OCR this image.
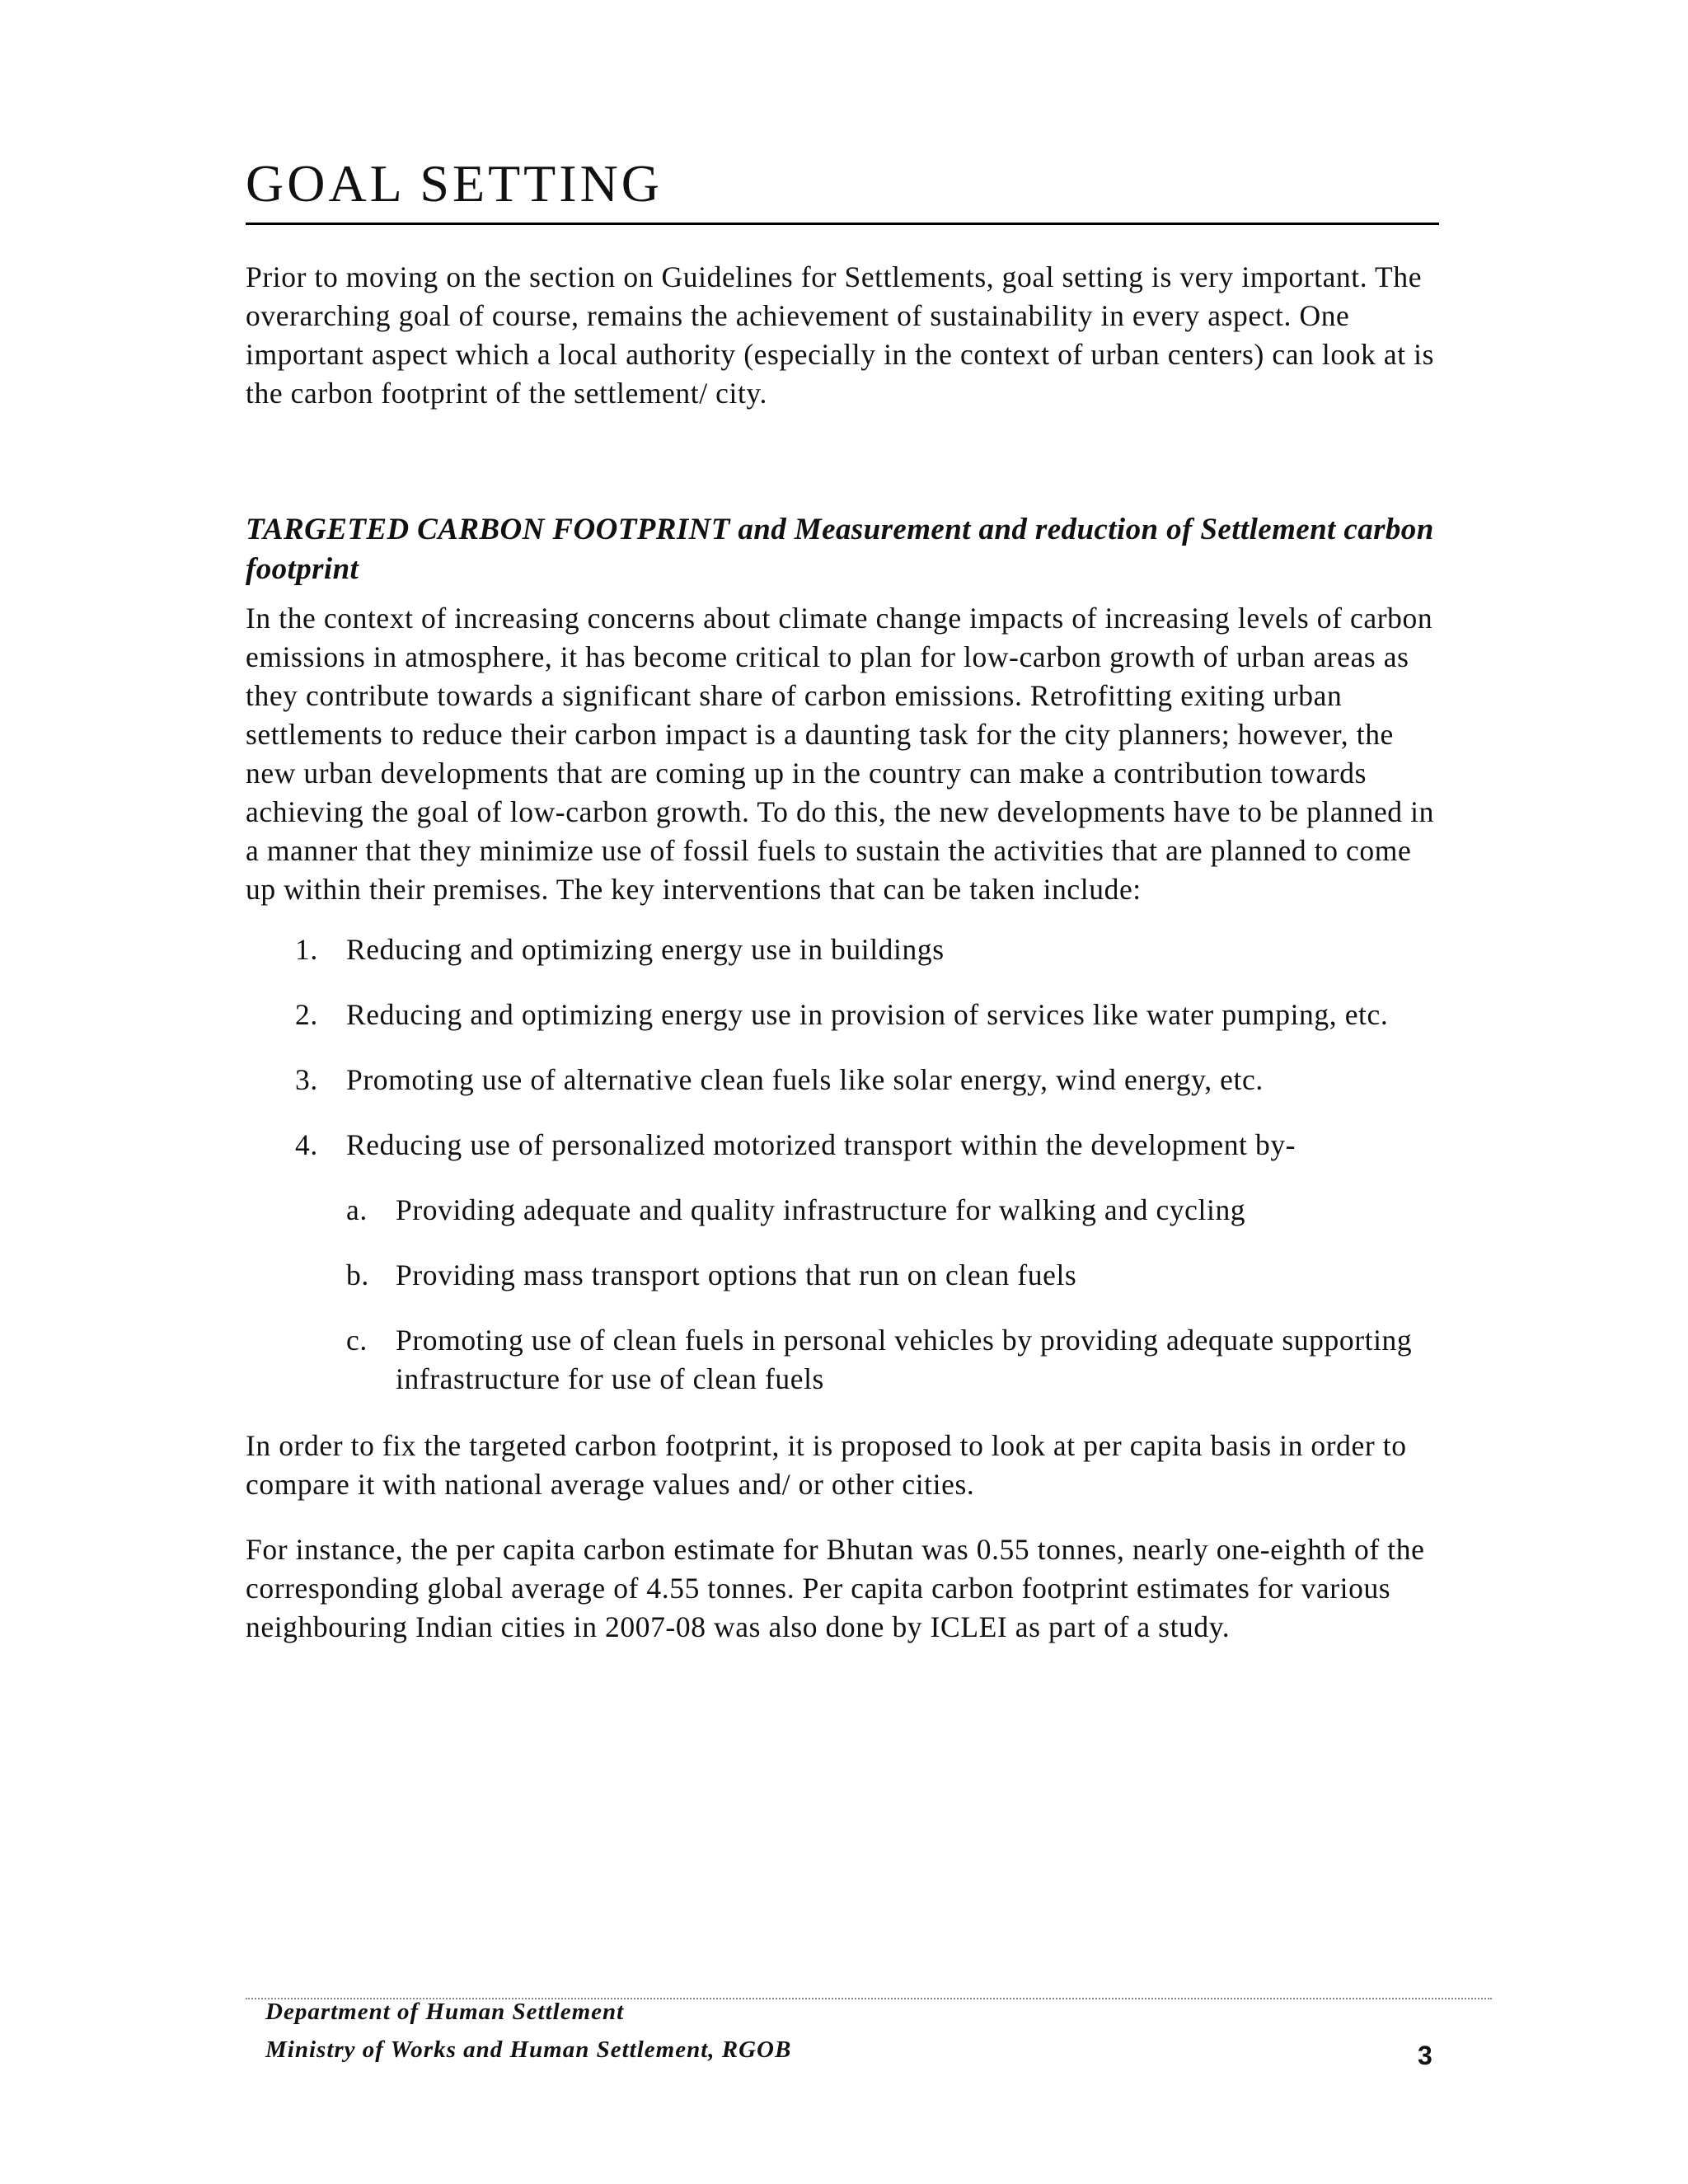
GOAL SETTING

Prior to moving on the section on Guidelines for Settlements, goal setting is very important. The overarching goal of course, remains the achievement of sustainability in every aspect. One important aspect which a local authority (especially in the context of urban centers) can look at is the carbon footprint of the settlement/ city.

TARGETED CARBON FOOTPRINT and Measurement and reduction of Settlement carbon footprint

In the context of increasing concerns about climate change impacts of increasing levels of carbon emissions in atmosphere, it has become critical to plan for low-carbon growth of urban areas as they contribute towards a significant share of carbon emissions. Retrofitting exiting urban settlements to reduce their carbon impact is a daunting task for the city planners; however, the new urban developments that are coming up in the country can make a contribution towards achieving the goal of low-carbon growth. To do this, the new developments have to be planned in a manner that they minimize use of fossil fuels to sustain the activities that are planned to come up within their premises. The key interventions that can be taken include:

1. Reducing and optimizing energy use in buildings
2. Reducing and optimizing energy use in provision of services like water pumping, etc.
3. Promoting use of alternative clean fuels like solar energy, wind energy, etc.
4. Reducing use of personalized motorized transport within the development by-
a. Providing adequate and quality infrastructure for walking and cycling
b. Providing mass transport options that run on clean fuels
c. Promoting use of clean fuels in personal vehicles by providing adequate supporting infrastructure for use of clean fuels

In order to fix the targeted carbon footprint, it is proposed to look at per capita basis in order to compare it with national average values and/ or other cities.

For instance, the per capita carbon estimate for Bhutan was 0.55 tonnes, nearly one-eighth of the corresponding global average of 4.55 tonnes. Per capita carbon footprint estimates for various neighbouring Indian cities in 2007-08 was also done by ICLEI as part of a study.

Department of Human Settlement
Ministry of Works and Human Settlement, RGOB	3
